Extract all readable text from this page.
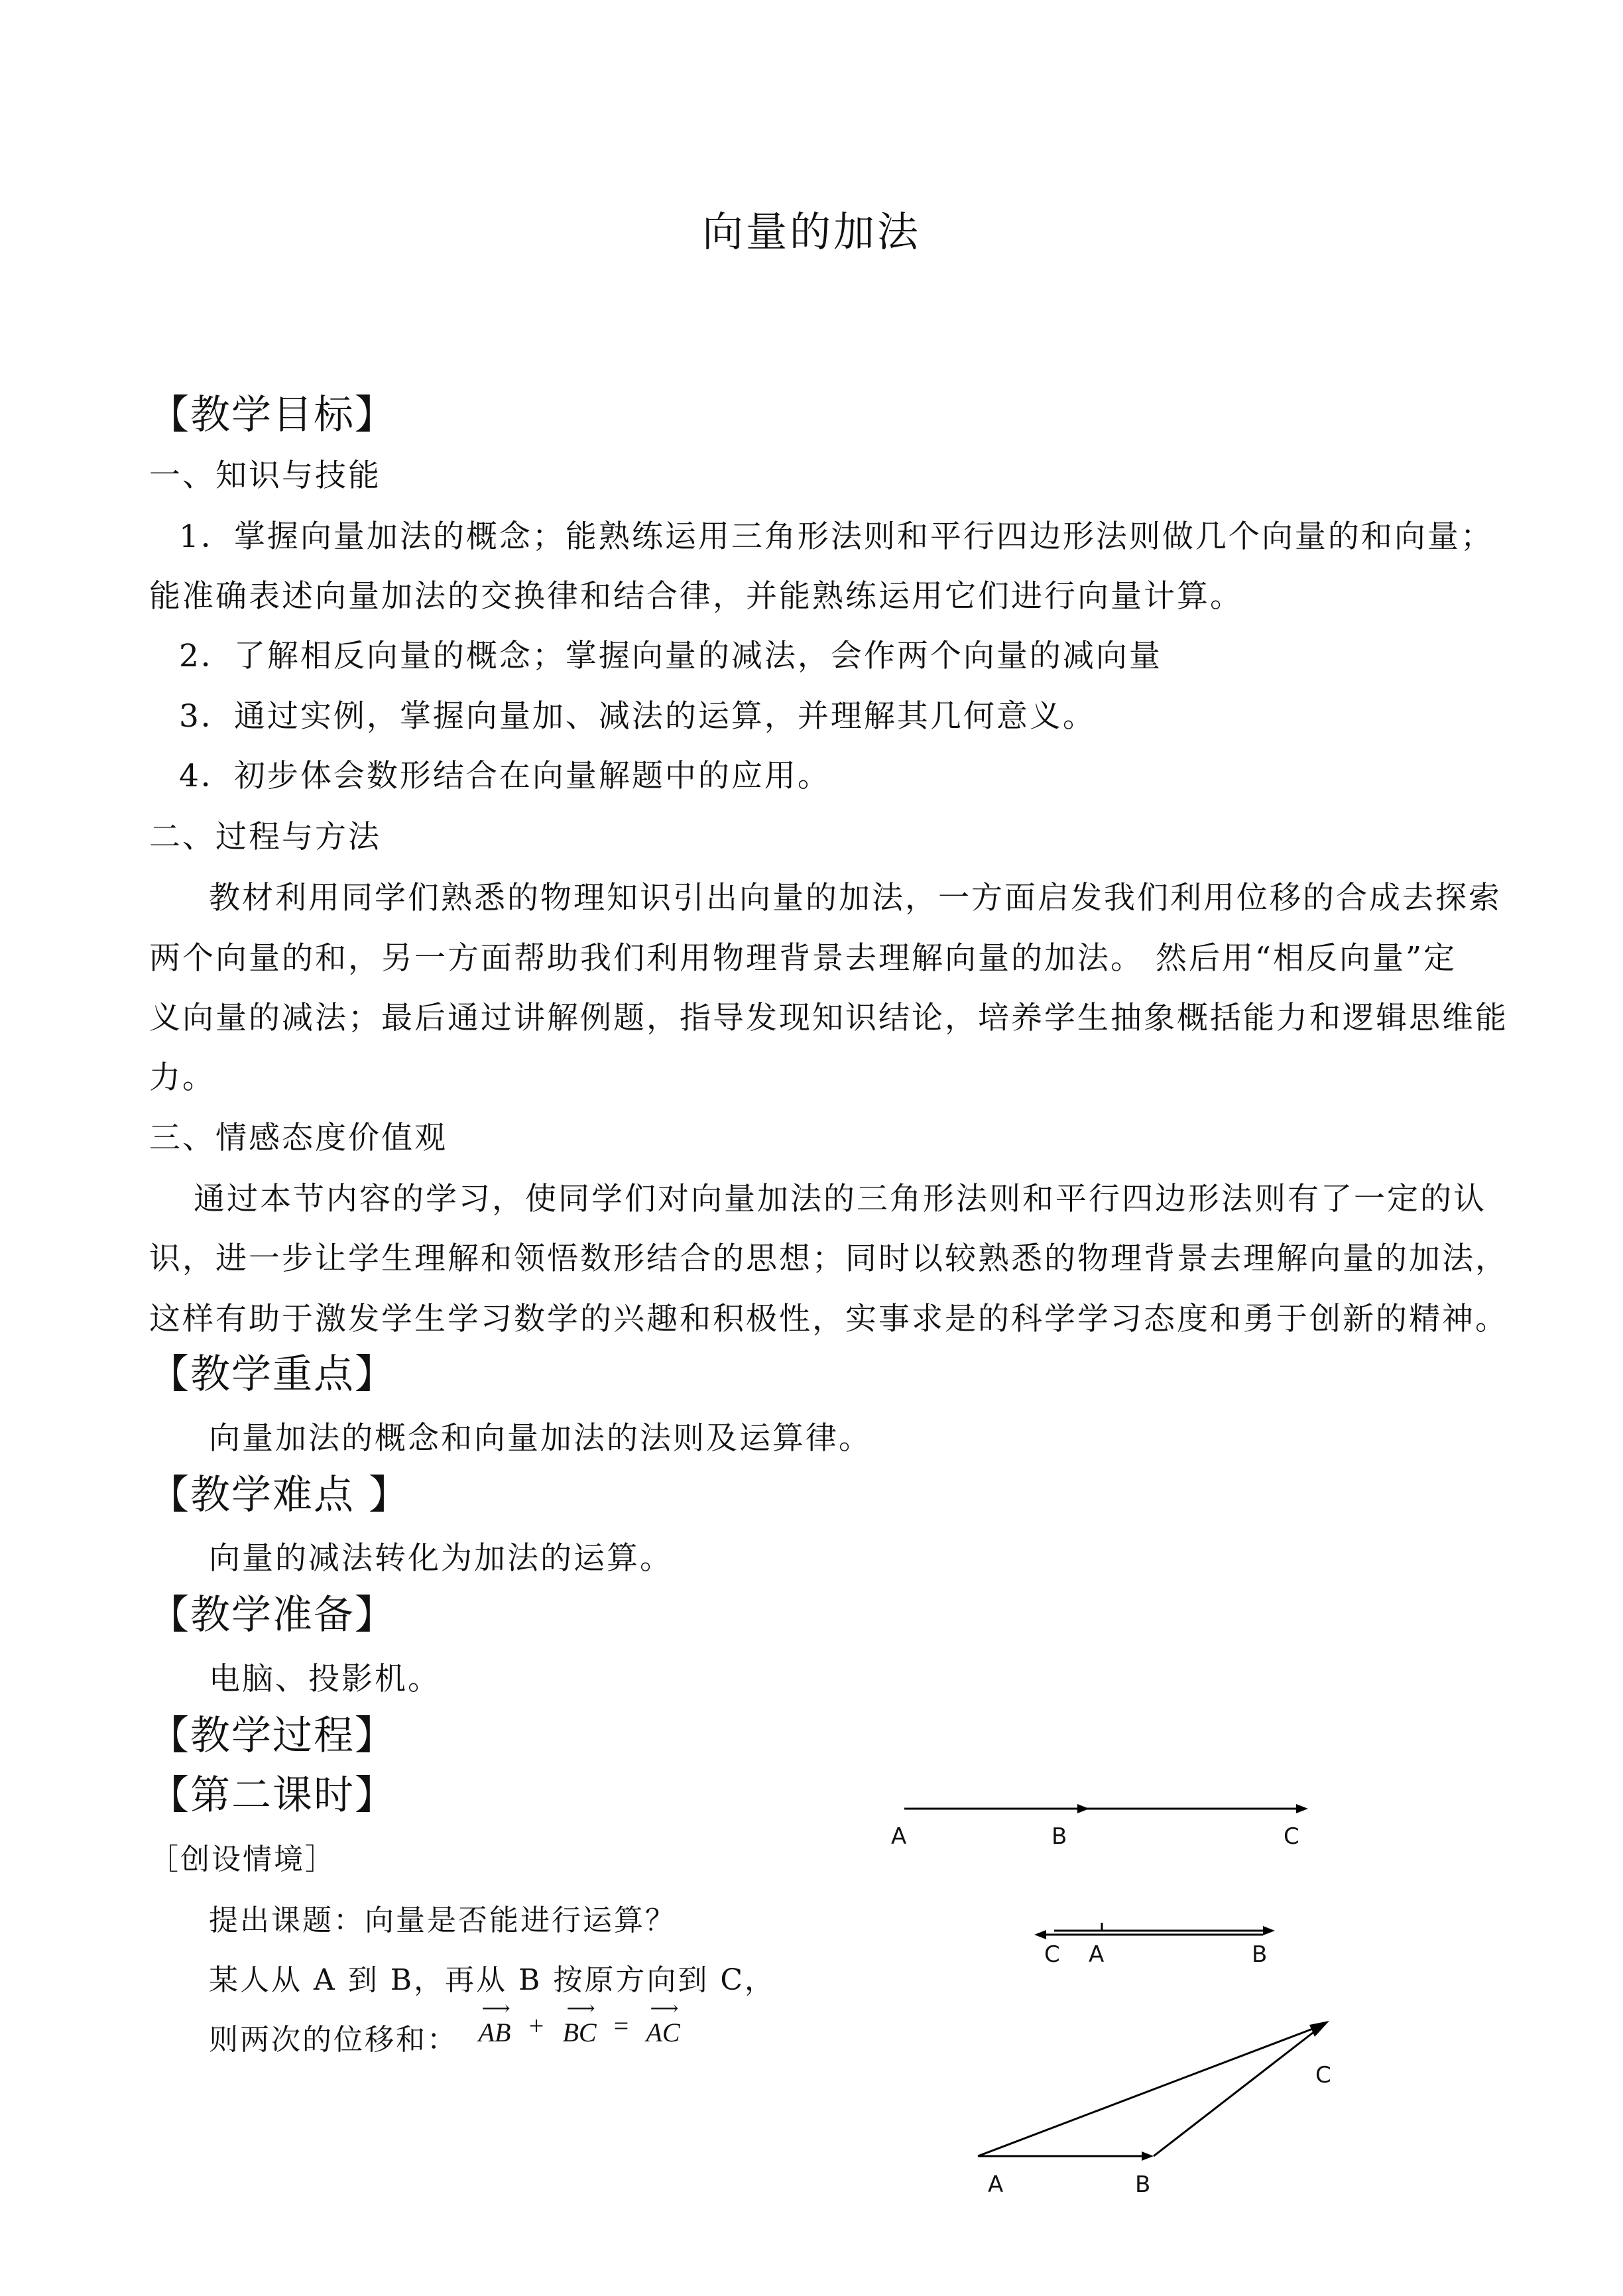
向量的加法
【教学目标】
一、知识与技能
1．掌握向量加法的概念；能熟练运用三角形法则和平行四边形法则做几个向量的和向量；
能准确表述向量加法的交换律和结合律，并能熟练运用它们进行向量计算。
2．了解相反向量的概念；掌握向量的减法，会作两个向量的减向量
3．通过实例，掌握向量加、减法的运算，并理解其几何意义。
4．初步体会数形结合在向量解题中的应用。
二、过程与方法
教材利用同学们熟悉的物理知识引出向量的加法，一方面启发我们利用位移的合成去探索
两个向量的和，另一方面帮助我们利用物理背景去理解向量的加法。 然后用“相反向量”定
义向量的减法；最后通过讲解例题，指导发现知识结论，培养学生抽象概括能力和逻辑思维能
力。
三、情感态度价值观
通过本节内容的学习，使同学们对向量加法的三角形法则和平行四边形法则有了一定的认
识，进一步让学生理解和领悟数形结合的思想；同时以较熟悉的物理背景去理解向量的加法，
这样有助于激发学生学习数学的兴趣和积极性，实事求是的科学学习态度和勇于创新的精神。
【教学重点】
向量加法的概念和向量加法的法则及运算律。
【教学难点 】
向量的减法转化为加法的运算。
【教学准备】
电脑、投影机。
【教学过程】
【第二课时】
［创设情境］
提出课题：向量是否能进行运算？
某人从 A 到 B，再从 B 按原方向到 C，
则两次的位移和：
⟶
AB +
⟶
BC =
⟶
AC
A	B	C
C A	B
A	B
C
